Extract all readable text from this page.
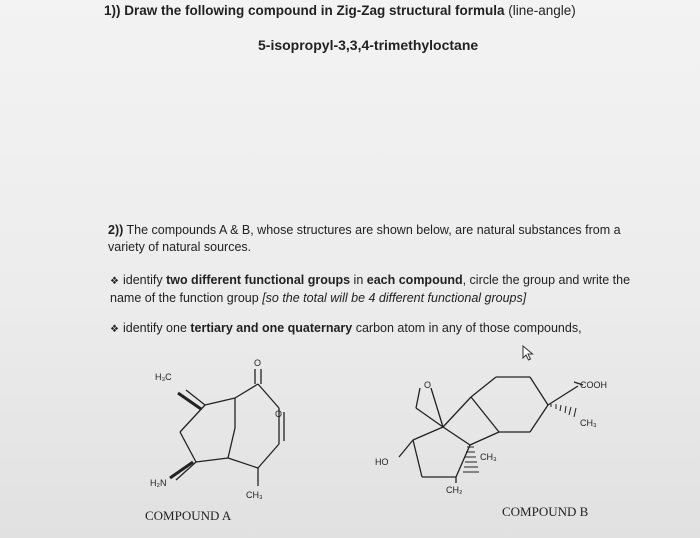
1)) Draw the following compound in Zig-Zag structural formula (line-angle)
5-isopropyl-3,3,4-trimethyloctane
2)) The compounds A & B, whose structures are shown below, are natural substances from a variety of natural sources.
❖ identify two different functional groups in each compound, circle the group and write the name of the function group [so the total will be 4 different functional groups]
❖ identify one tertiary and one quaternary carbon atom in any of those compounds,
H₃C
H₂N
CH₃
O
O
O	COOH
CH₃
HO	CH₃
CH₂
COMPOUND A	COMPOUND B
